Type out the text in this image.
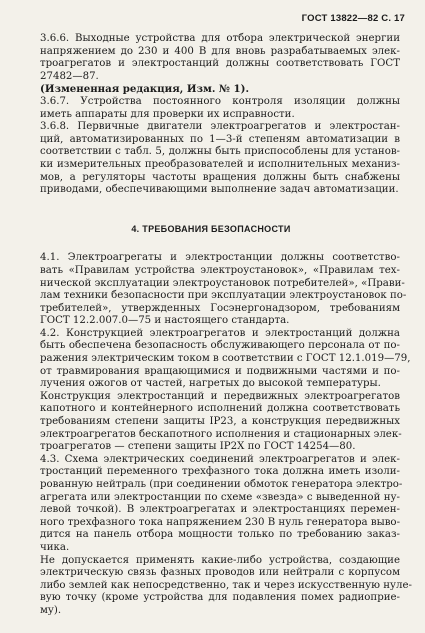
ГОСТ 13822—82 С. 17
3.6.6. Выходные устройства для отбора электрической энергии
напряжением до 230 и 400 В для вновь разрабатываемых элек-
троагрегатов и электростанций должны соответствовать ГОСТ
27482—87.
(Измененная редакция, Изм. № 1).
3.6.7. Устройства постоянного контроля изоляции должны
иметь аппараты для проверки их исправности.
3.6.8. Первичные двигатели электроагрегатов и электростан-
ций, автоматизированных по 1—3-й степеням автоматизации в
соответствии с табл. 5, должны быть приспособлены для установ-
ки измерительных преобразователей и исполнительных механиз-
мов, а регуляторы частоты вращения должны быть снабжены
приводами, обеспечивающими выполнение задач автоматизации.
4. ТРЕБОВАНИЯ БЕЗОПАСНОСТИ
4.1. Электроагрегаты и электростанции должны соответство-
вать «Правилам устройства электроустановок», «Правилам тех-
нической эксплуатации электроустановок потребителей», «Прави-
лам техники безопасности при эксплуатации электроустановок по-
требителей», утвержденных Госэнергонадзором, требованиям
ГОСТ 12.2.007.0—75 и настоящего стандарта.
4.2. Конструкцией электроагрегатов и электростанций должна
быть обеспечена безопасность обслуживающего персонала от по-
ражения электрическим током в соответствии с ГОСТ 12.1.019—79,
от травмирования вращающимися и подвижными частями и по-
лучения ожогов от частей, нагретых до высокой температуры.
Конструкция электростанций и передвижных электроагрегатов
капотного и контейнерного исполнений должна соответствовать
требованиям степени защиты IP23, а конструкция передвижных
электроагрегатов бескапотного исполнения и стационарных элек-
троагрегатов — степени защиты IP2X по ГОСТ 14254—80.
4.3. Схема электрических соединений электроагрегатов и элек-
тростанций переменного трехфазного тока должна иметь изоли-
рованную нейтраль (при соединении обмоток генератора электро-
агрегата или электростанции по схеме «звезда» с выведенной ну-
левой точкой). В электроагрегатах и электростанциях перемен-
ного трехфазного тока напряжением 230 В нуль генератора выво-
дится на панель отбора мощности только по требованию заказ-
чика.
Не допускается применять какие-либо устройства, создающие
электрическую связь фазных проводов или нейтрали с корпусом
либо землей как непосредственно, так и через искусственную нуле-
вую точку (кроме устройства для подавления помех радиоприе-
му).
